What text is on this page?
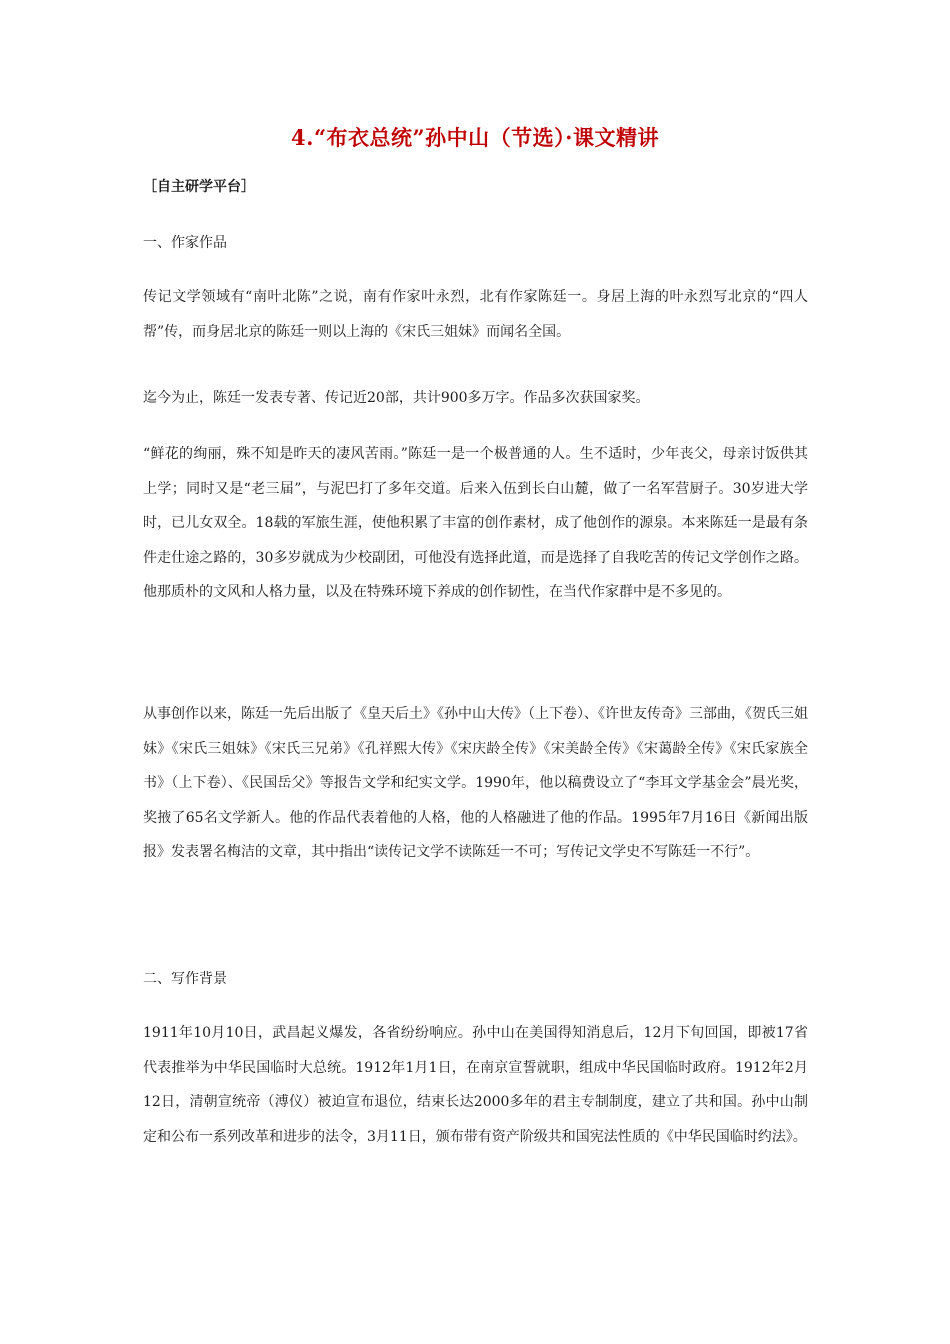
4.“布衣总统”孙中山（节选）·课文精讲
［自主研学平台］
一、作家作品

传记文学领域有“南叶北陈”之说，南有作家叶永烈，北有作家陈廷一。身居上海的叶永烈写北京的“四人帮”传，而身居北京的陈廷一则以上海的《宋氏三姐妹》而闻名全国。

迄今为止，陈廷一发表专著、传记近20部，共计900多万字。作品多次获国家奖。

“鲜花的绚丽，殊不知是昨天的凄风苦雨。”陈廷一是一个极普通的人。生不适时，少年丧父，母亲讨饭供其上学；同时又是“老三届”，与泥巴打了多年交道。后来入伍到长白山麓，做了一名军营厨子。30岁进大学时，已儿女双全。18载的军旅生涯，使他积累了丰富的创作素材，成了他创作的源泉。本来陈廷一是最有条件走仕途之路的，30多岁就成为少校副团，可他没有选择此道，而是选择了自我吃苦的传记文学创作之路。他那质朴的文风和人格力量，以及在特殊环境下养成的创作韧性，在当代作家群中是不多见的。

从事创作以来，陈廷一先后出版了《皇天后土》《孙中山大传》（上下卷）、《许世友传奇》三部曲，《贺氏三姐妹》《宋氏三姐妹》《宋氏三兄弟》《孔祥熙大传》《宋庆龄全传》《宋美龄全传》《宋蔼龄全传》《宋氏家族全书》（上下卷）、《民国岳父》等报告文学和纪实文学。1990年，他以稿费设立了“李耳文学基金会”晨光奖，奖掖了65名文学新人。他的作品代表着他的人格，他的人格融进了他的作品。1995年7月16日《新闻出版报》发表署名梅洁的文章，其中指出“读传记文学不读陈廷一不可；写传记文学史不写陈廷一不行”。

二、写作背景

1911年10月10日，武昌起义爆发，各省纷纷响应。孙中山在美国得知消息后，12月下旬回国，即被17省代表推举为中华民国临时大总统。1912年1月1日，在南京宣誓就职，组成中华民国临时政府。1912年2月12日，清朝宣统帝（溥仪）被迫宣布退位，结束长达2000多年的君主专制制度，建立了共和国。孙中山制定和公布一系列改革和进步的法令，3月11日，颁布带有资产阶级共和国宪法性质的《中华民国临时约法》。
